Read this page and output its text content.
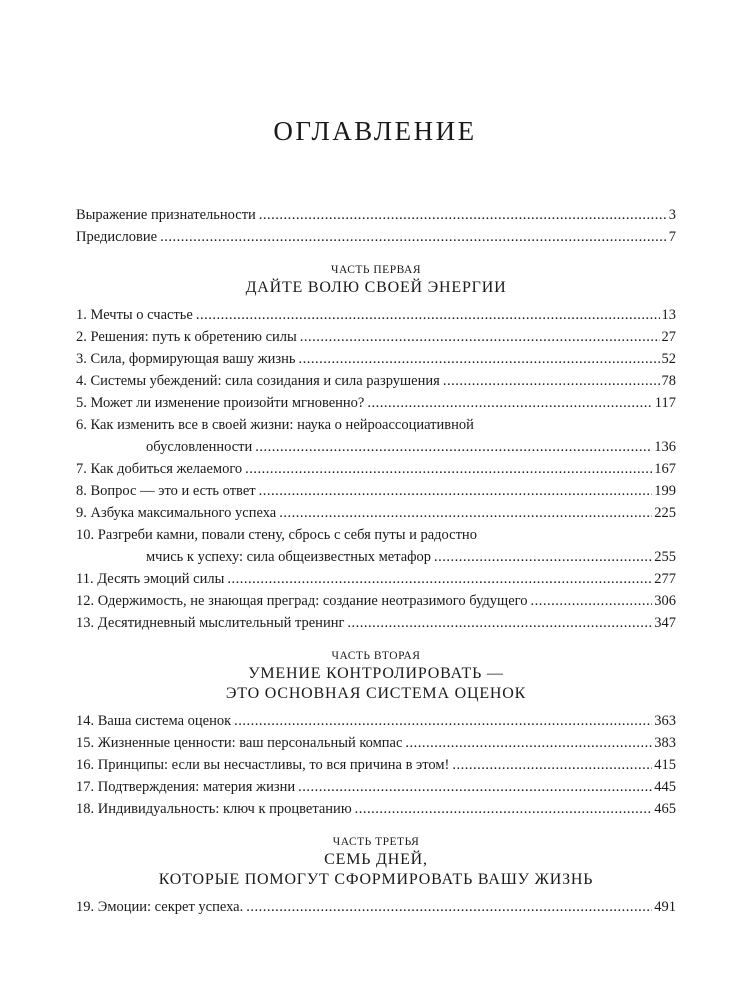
ОГЛАВЛЕНИЕ
Выражение признательности .....	3
Предисловие .....	7
ЧАСТЬ ПЕРВАЯ
ДАЙТЕ ВОЛЮ СВОЕЙ ЭНЕРГИИ
1. Мечты о счастье .....	13
2. Решения: путь к обретению силы .....	27
3. Сила, формирующая вашу жизнь .....	52
4. Системы убеждений: сила созидания и сила разрушения .....	78
5. Может ли изменение произойти мгновенно? .....	117
6. Как изменить все в своей жизни: наука о нейроассоциативной
обусловленности .....	136
7. Как добиться желаемого .....	167
8. Вопрос — это и есть ответ .....	199
9. Азбука максимального успеха .....	225
10. Разгреби камни, повали стену, сбрось с себя путы и радостно
мчись к успеху: сила общеизвестных метафор .....	255
11. Десять эмоций силы .....	277
12. Одержимость, не знающая преград: создание неотразимого будущего .....	306
13. Десятидневный мыслительный тренинг .....	347
ЧАСТЬ ВТОРАЯ
УМЕНИЕ КОНТРОЛИРОВАТЬ —
ЭТО ОСНОВНАЯ СИСТЕМА ОЦЕНОК
14. Ваша система оценок .....	363
15. Жизненные ценности: ваш персональный компас .....	383
16. Принципы: если вы несчастливы, то вся причина в этом! .....	415
17. Подтверждения: материя жизни .....	445
18. Индивидуальность: ключ к процветанию .....	465
ЧАСТЬ ТРЕТЬЯ
СЕМЬ ДНЕЙ,
КОТОРЫЕ ПОМОГУТ СФОРМИРОВАТЬ ВАШУ ЖИЗНЬ
19. Эмоции: секрет успеха. .....	491
